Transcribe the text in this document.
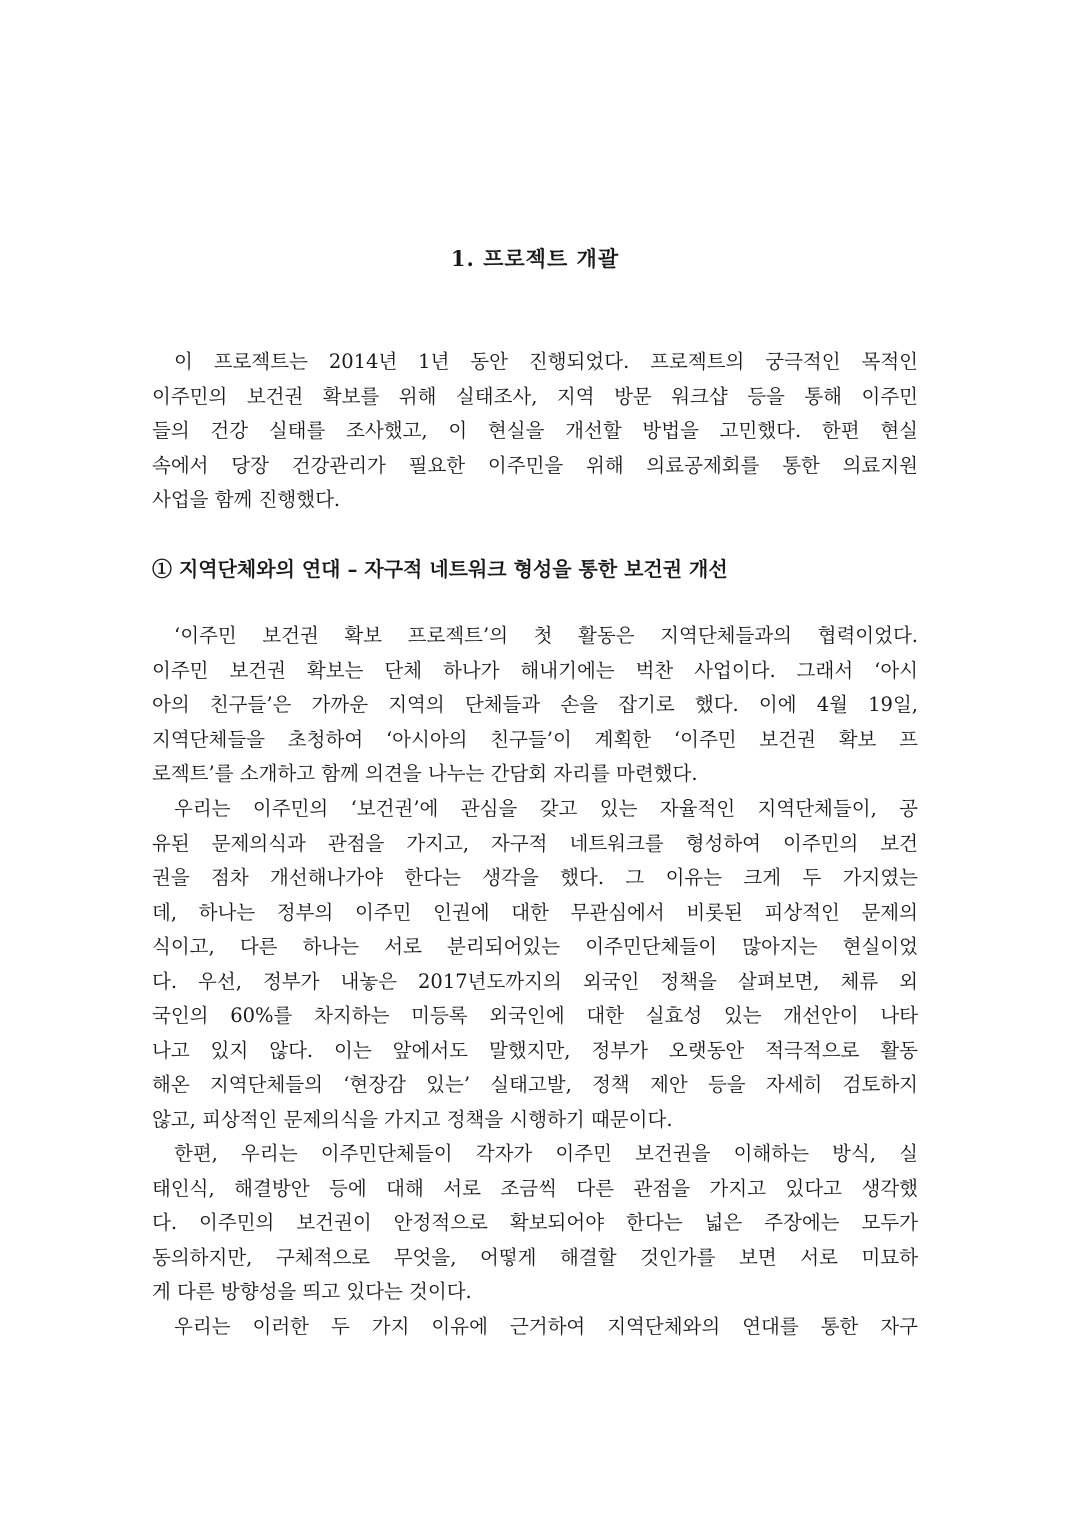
1. 프로젝트 개괄

이 프로젝트는 2014년 1년 동안 진행되었다. 프로젝트의 궁극적인 목적인
이주민의 보건권 확보를 위해 실태조사, 지역 방문 워크샵 등을 통해 이주민
들의 건강 실태를 조사했고, 이 현실을 개선할 방법을 고민했다. 한편 현실
속에서 당장 건강관리가 필요한 이주민을 위해 의료공제회를 통한 의료지원
사업을 함께 진행했다.

① 지역단체와의 연대 – 자구적 네트워크 형성을 통한 보건권 개선

‘이주민 보건권 확보 프로젝트’의 첫 활동은 지역단체들과의 협력이었다.
이주민 보건권 확보는 단체 하나가 해내기에는 벅찬 사업이다. 그래서 ‘아시
아의 친구들’은 가까운 지역의 단체들과 손을 잡기로 했다. 이에 4월 19일,
지역단체들을 초청하여 ‘아시아의 친구들’이 계획한 ‘이주민 보건권 확보 프
로젝트’를 소개하고 함께 의견을 나누는 간담회 자리를 마련했다.

우리는 이주민의 ‘보건권’에 관심을 갖고 있는 자율적인 지역단체들이, 공
유된 문제의식과 관점을 가지고, 자구적 네트워크를 형성하여 이주민의 보건
권을 점차 개선해나가야 한다는 생각을 했다. 그 이유는 크게 두 가지였는
데, 하나는 정부의 이주민 인권에 대한 무관심에서 비롯된 피상적인 문제의
식이고, 다른 하나는 서로 분리되어있는 이주민단체들이 많아지는 현실이었
다. 우선, 정부가 내놓은 2017년도까지의 외국인 정책을 살펴보면, 체류 외
국인의 60%를 차지하는 미등록 외국인에 대한 실효성 있는 개선안이 나타
나고 있지 않다. 이는 앞에서도 말했지만, 정부가 오랫동안 적극적으로 활동
해온 지역단체들의 ‘현장감 있는’ 실태고발, 정책 제안 등을 자세히 검토하지
않고, 피상적인 문제의식을 가지고 정책을 시행하기 때문이다.

한편, 우리는 이주민단체들이 각자가 이주민 보건권을 이해하는 방식, 실
태인식, 해결방안 등에 대해 서로 조금씩 다른 관점을 가지고 있다고 생각했
다. 이주민의 보건권이 안정적으로 확보되어야 한다는 넓은 주장에는 모두가
동의하지만, 구체적으로 무엇을, 어떻게 해결할 것인가를 보면 서로 미묘하
게 다른 방향성을 띄고 있다는 것이다.

우리는 이러한 두 가지 이유에 근거하여 지역단체와의 연대를 통한 자구
